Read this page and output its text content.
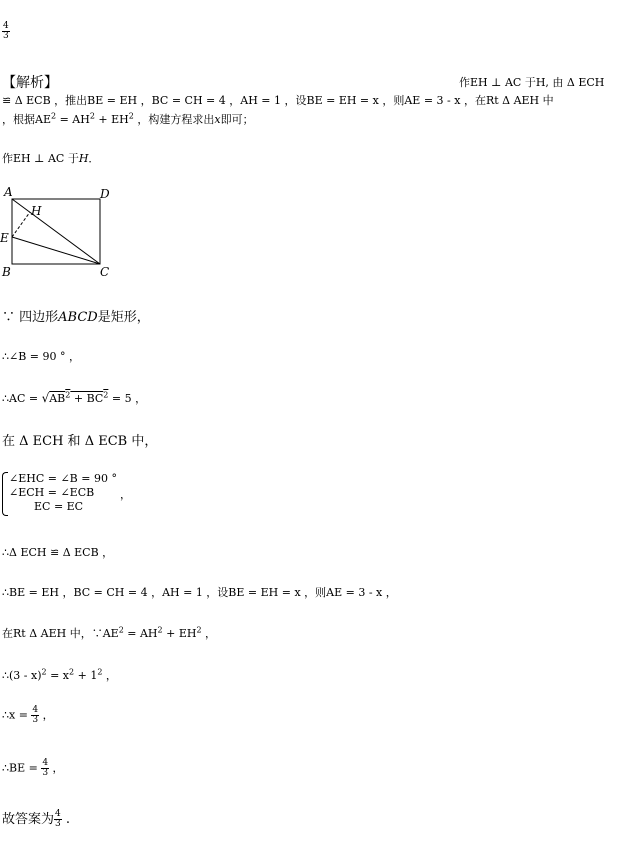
$\frac{4}{3}$
【解析】	作EH ⊥ AC 于H, 由 Δ ECH
≌ Δ ECB ，推出BE = EH ，BC = CH = 4 ，AH = 1 ，设BE = EH = x ，则AE = 3 - x ，在Rt Δ AEH 中
，根据$AE^2 = AH^2 + EH^2$ ，构建方程求出x即可；
作EH ⊥ AC 于H．
A	D
H
E
B	C
∵ 四边形ABCD是矩形，
∴∠B = 90 ° ，
∴AC = $√AB^2 + BC^2 = 5$ ，
在 Δ ECH 和 Δ ECB 中，
∠EHC = ∠B = 90 °
∠ECH = ∠ECB
EC = EC
，
∴Δ ECH ≌ Δ ECB ，
∴BE = EH ，BC = CH = 4 ，AH = 1 ，设BE = EH = x ，则AE = 3 - x ，
在Rt Δ AEH 中，$\because AE^2 = AH^2 + EH^2$ ，
∴(3 - $x)^2 = x^2 + 1^2$ ，
∴x = $\frac{4}{3}$ ，
∴BE = $\frac{4}{3}$ ，
故答案为 $\frac{4}{3}$ .
